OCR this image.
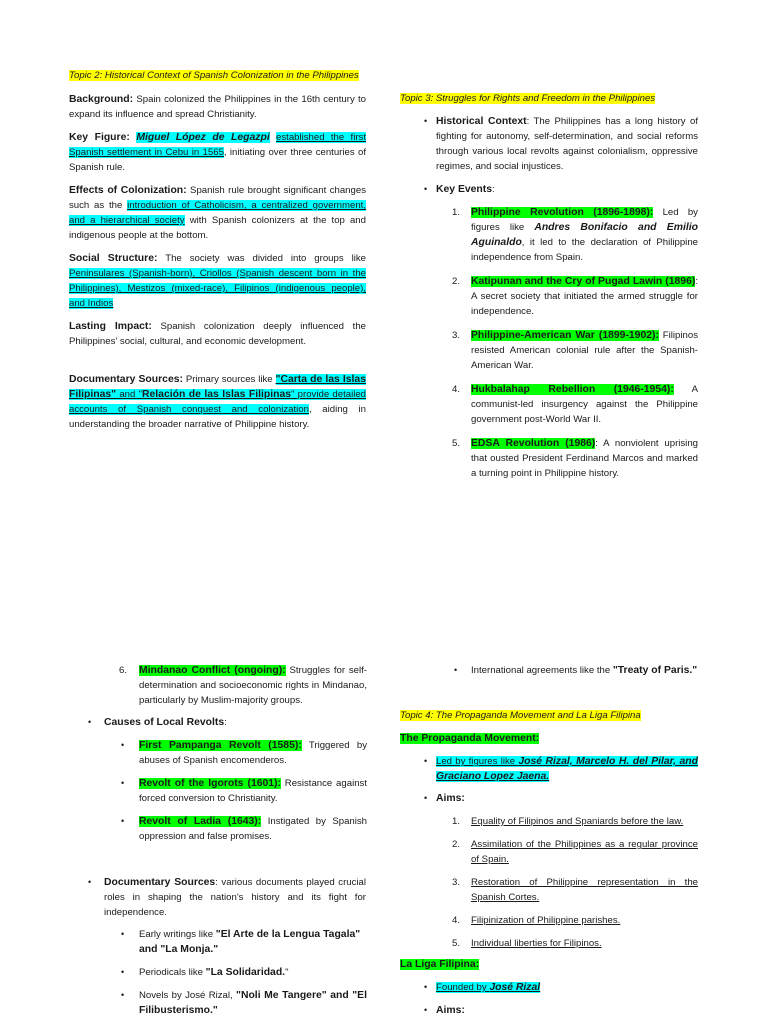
Topic 2: Historical Context of Spanish Colonization in the Philippines

Background: Spain colonized the Philippines in the 16th century to expand its influence and spread Christianity.

Key Figure: Miguel López de Legazpi established the first Spanish settlement in Cebu in 1565, initiating over three centuries of Spanish rule.

Effects of Colonization: Spanish rule brought significant changes such as the introduction of Catholicism, a centralized government, and a hierarchical society with Spanish colonizers at the top and indigenous people at the bottom.

Social Structure: The society was divided into groups like Peninsulares (Spanish-born), Criollos (Spanish descent born in the Philippines), Mestizos (mixed-race), Filipinos (indigenous people), and Indios

Lasting Impact: Spanish colonization deeply influenced the Philippines' social, cultural, and economic development.

Documentary Sources: Primary sources like "Carta de las Islas Filipinas" and "Relación de las Islas Filipinas" provide detailed accounts of Spanish conquest and colonization, aiding in understanding the broader narrative of Philippine history.

Topic 3: Struggles for Rights and Freedom in the Philippines

• Historical Context: The Philippines has a long history of fighting for autonomy, self-determination, and social reforms through various local revolts against colonialism, oppressive regimes, and social injustices.

• Key Events:

1. Philippine Revolution (1896-1898): Led by figures like Andres Bonifacio and Emilio Aguinaldo, it led to the declaration of Philippine independence from Spain.

2. Katipunan and the Cry of Pugad Lawin (1896): A secret society that initiated the armed struggle for independence.

3. Philippine-American War (1899-1902): Filipinos resisted American colonial rule after the Spanish-American War.

4. Hukbalahap Rebellion (1946-1954): A communist-led insurgency against the Philippine government post-World War II.

5. EDSA Revolution (1986): A nonviolent uprising that ousted President Ferdinand Marcos and marked a turning point in Philippine history.

6. Mindanao Conflict (ongoing): Struggles for self-determination and socioeconomic rights in Mindanao, particularly by Muslim-majority groups.

• Causes of Local Revolts:

• First Pampanga Revolt (1585): Triggered by abuses of Spanish encomenderos.

• Revolt of the Igorots (1601): Resistance against forced conversion to Christianity.

• Revolt of Ladia (1643): Instigated by Spanish oppression and false promises.

• Documentary Sources: various documents played crucial roles in shaping the nation's history and its fight for independence.

• Early writings like "El Arte de la Lengua Tagala" and "La Monja."

• Periodicals like "La Solidaridad."

• Novels by José Rizal, "Noli Me Tangere" and "El Filibusterismo."

• International agreements like the "Treaty of Paris."

Topic 4: The Propaganda Movement and La Liga Filipina

The Propaganda Movement:

• Led by figures like José Rizal, Marcelo H. del Pilar, and Graciano Lopez Jaena.

• Aims:

1. Equality of Filipinos and Spaniards before the law.

2. Assimilation of the Philippines as a regular province of Spain.

3. Restoration of Philippine representation in the Spanish Cortes.

4. Filipinization of Philippine parishes.

5. Individual liberties for Filipinos.

La Liga Filipina:

• Founded by José Rizal

• Aims:
